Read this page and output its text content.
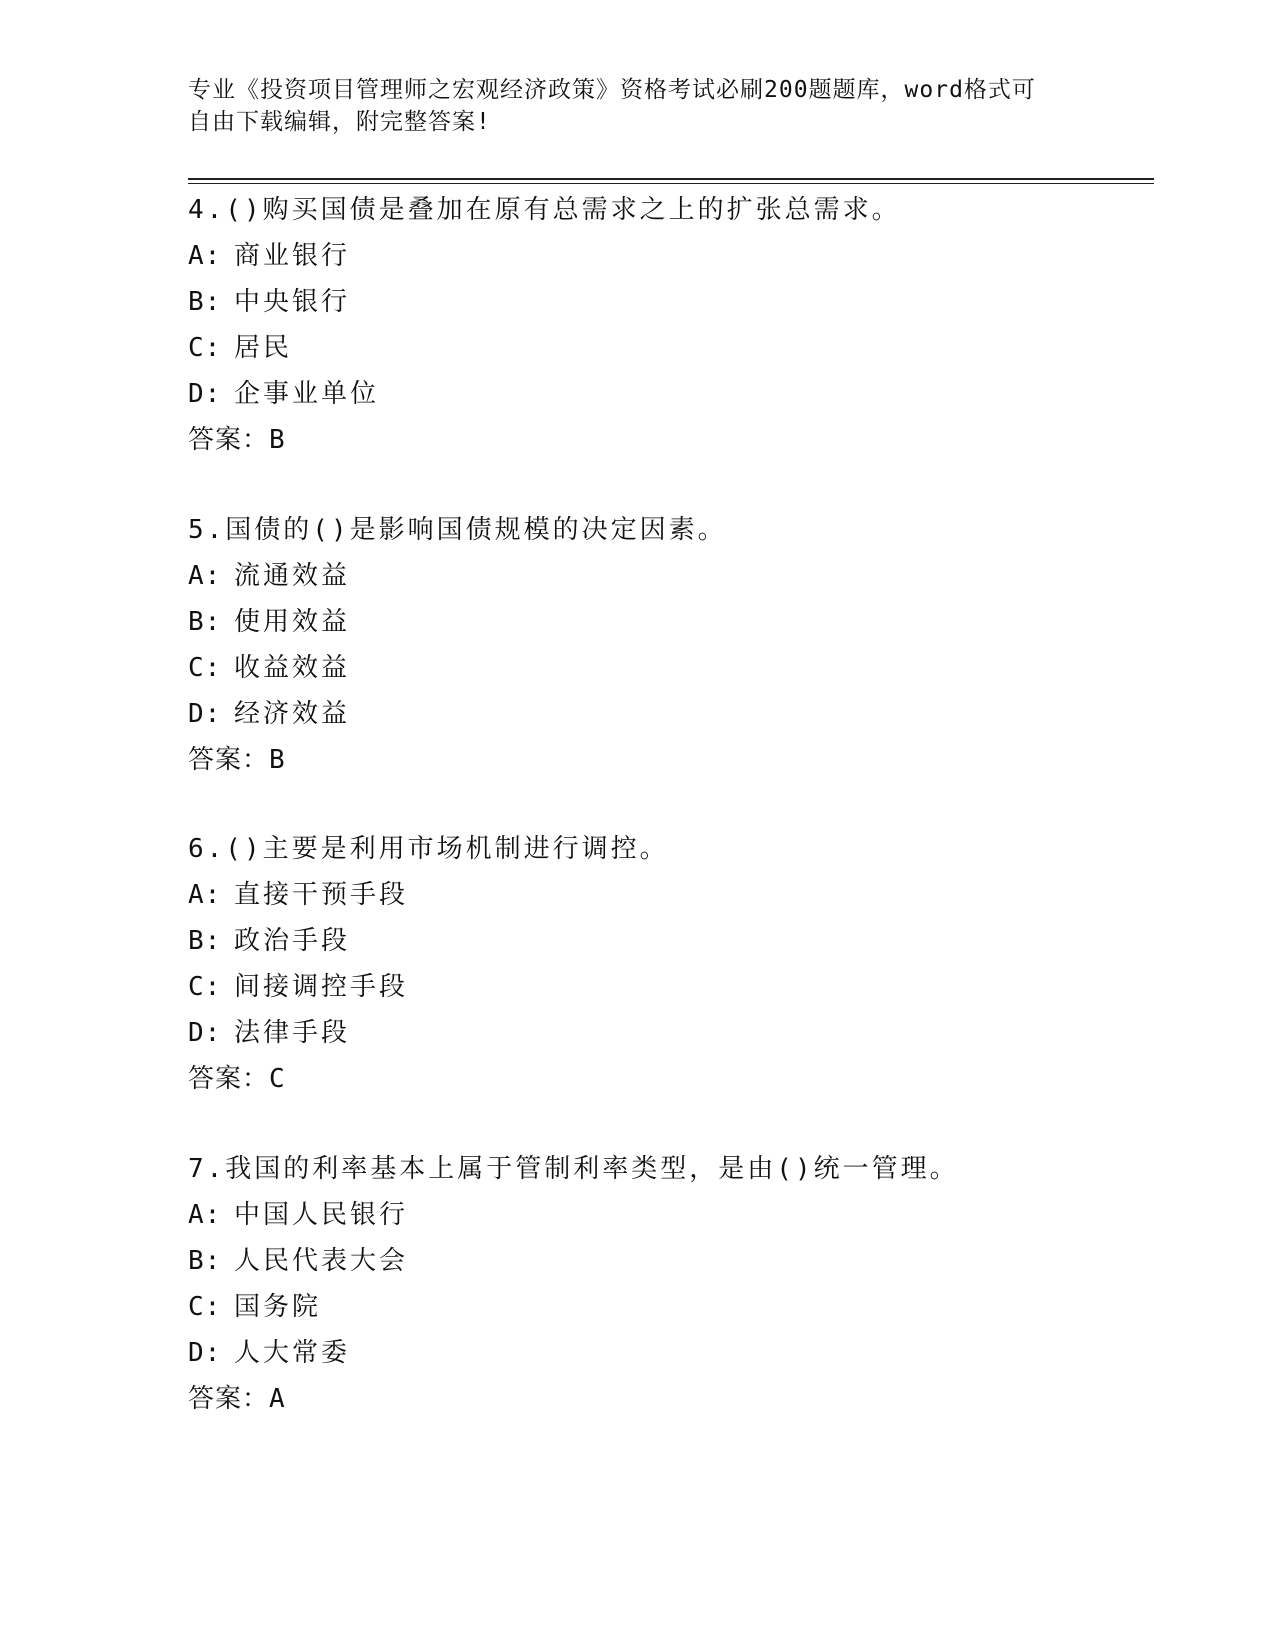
专业《投资项目管理师之宏观经济政策》资格考试必刷200题题库，word格式可
自由下载编辑，附完整答案!
4.()购买国债是叠加在原有总需求之上的扩张总需求。
A: 商业银行
B: 中央银行
C: 居民
D: 企事业单位
答案：B
5.国债的()是影响国债规模的决定因素。
A: 流通效益
B: 使用效益
C: 收益效益
D: 经济效益
答案：B
6.()主要是利用市场机制进行调控。
A: 直接干预手段
B: 政治手段
C: 间接调控手段
D: 法律手段
答案：C
7.我国的利率基本上属于管制利率类型，是由()统一管理。
A: 中国人民银行
B: 人民代表大会
C: 国务院
D: 人大常委
答案：A
